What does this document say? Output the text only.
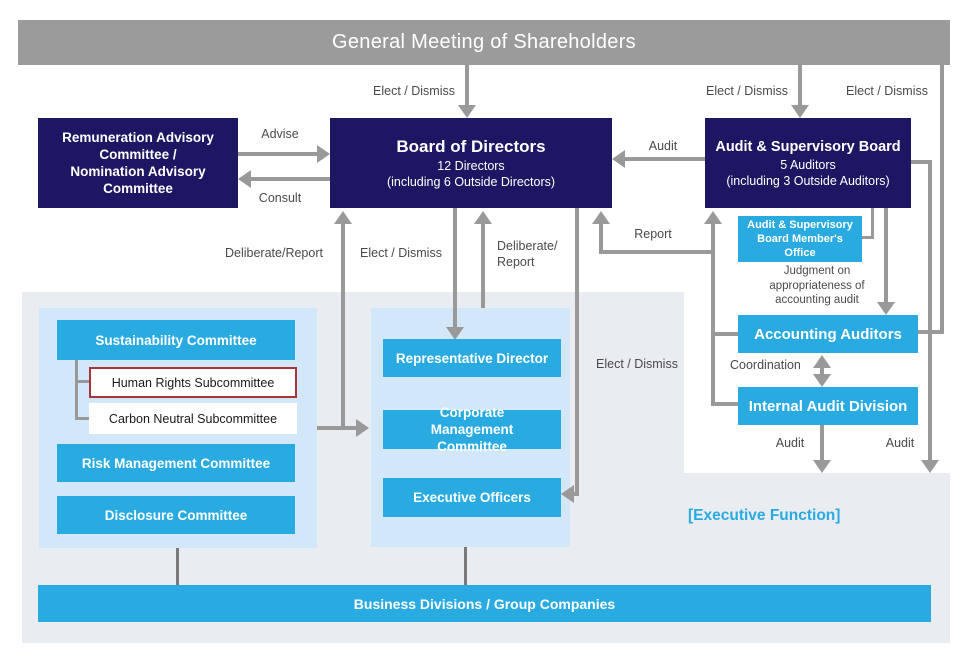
General Meeting of Shareholders
Remuneration Advisory
Committee /
Nomination Advisory
Committee
Board of Directors
12 Directors
(including 6 Outside Directors)
Audit & Supervisory Board
5 Auditors
(including 3 Outside Auditors)
Audit & Supervisory
Board Member's
Office
Judgment on appropriateness of accounting audit
Accounting Auditors
Internal Audit Division
Sustainability Committee
Human Rights Subcommittee
Carbon Neutral Subcommittee
Risk Management Committee
Disclosure Committee
Representative Director
Corporate Management Committee
Executive Officers
[Executive Function]
Business Divisions / Group Companies
Elect / Dismiss	Elect / Dismiss	Elect / Dismiss
Advise
Consult
Audit
Deliberate/Report	Elect / Dismiss	Deliberate/
Report
Report
Elect / Dismiss	Coordination
Audit	Audit
